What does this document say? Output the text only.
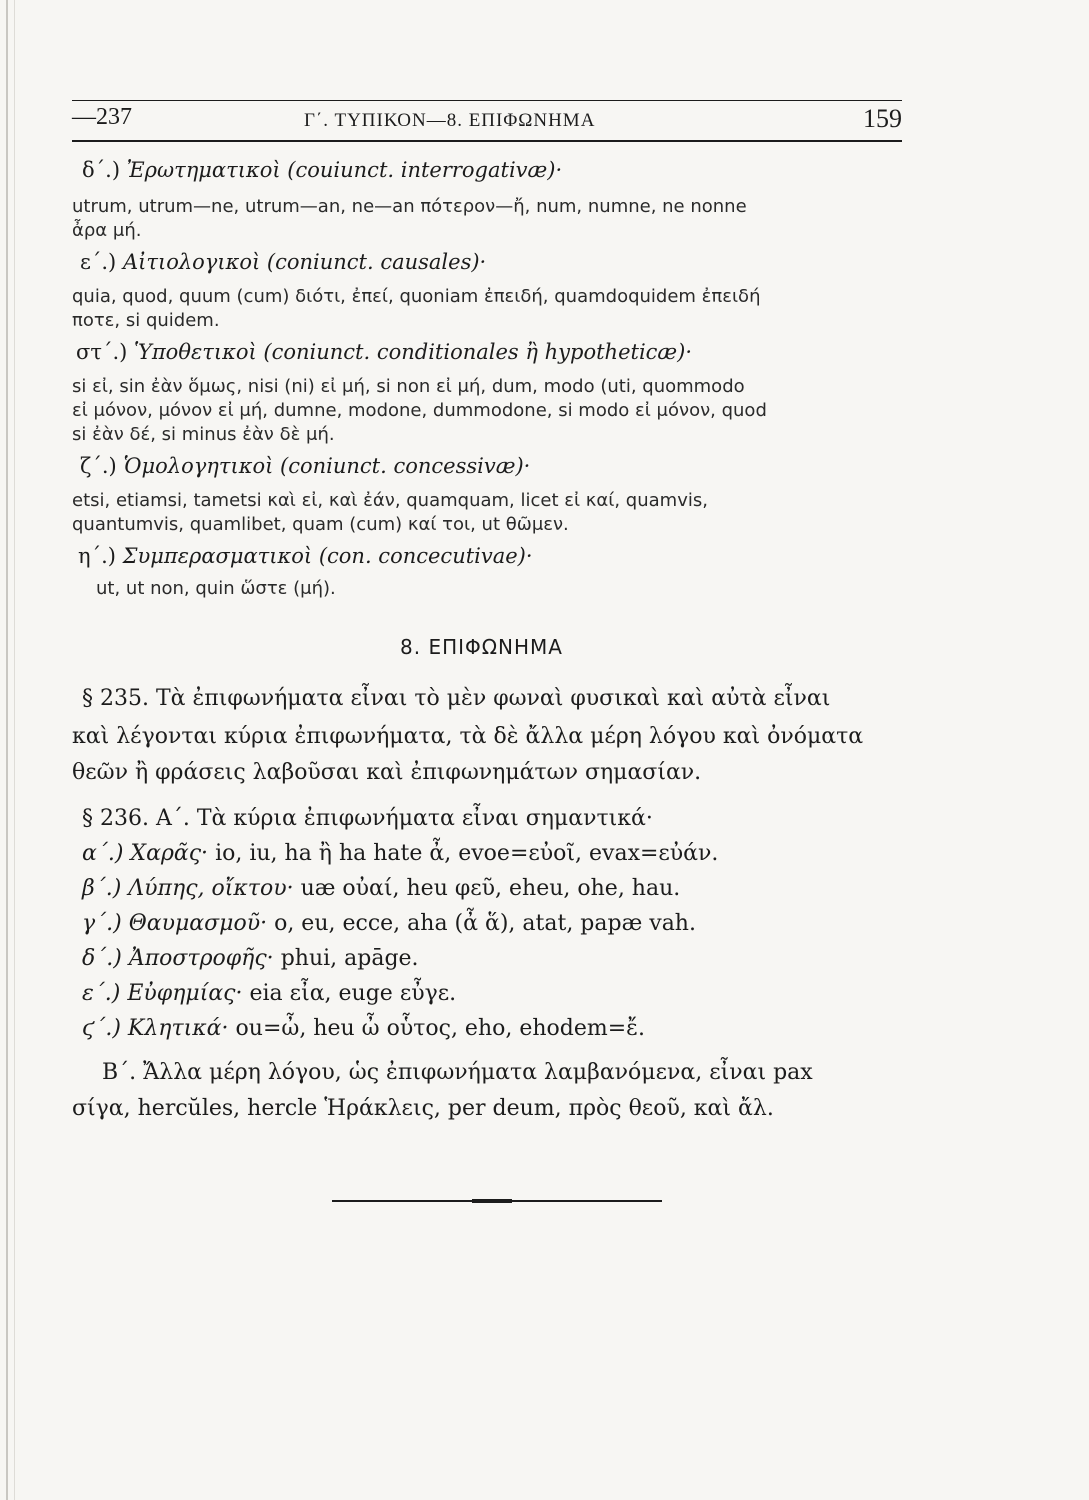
—237	Γ΄. ΤΥΠΙΚΟΝ—8. ΕΠΙΦΩΝΗΜΑ	159
δ΄.) Ἐρωτηματικοὶ (couiunct. interrogativæ)·
utrum, utrum—ne, utrum—an, ne—an πότερον—ἤ, num, numne, ne nonne
ἆρα μή.
ε΄.) Αἰτιολογικοὶ (coniunct. causales)·
quia, quod, quum (cum) διότι, ἐπεί, quoniam ἐπειδή, quamdoquidem ἐπειδή
ποτε, si quidem.
στ΄.) Ὑποθετικοὶ (coniunct. conditionales ἢ hypotheticæ)·
si εἰ, sin ἐὰν ὅμως, nisi (ni) εἰ μή, si non εἰ μή, dum, modo (uti, quommodo
εἰ μόνον, μόνον εἰ μή, dumne, modone, dummodone, si modo εἰ μόνον, quod
si ἐὰν δέ, si minus ἐὰν δὲ μή.
ζ΄.) Ὁμολογητικοὶ (coniunct. concessivæ)·
etsi, etiamsi, tametsi καὶ εἰ, καὶ ἐάν, quamquam, licet εἰ καί, quamvis,
quantumvis, quamlibet, quam (cum) καί τοι, ut θῶμεν.
η΄.) Συμπερασματικοὶ (con. concecutivae)·
ut, ut non, quin ὥστε (μή).
8. ΕΠΙΦΩΝΗΜΑ
§ 235. Τὰ ἐπιφωνήματα εἶναι τὸ μὲν φωναὶ φυσικαὶ καὶ αὐτὰ εἶναι
καὶ λέγονται κύρια ἐπιφωνήματα, τὰ δὲ ἄλλα μέρη λόγου καὶ ὀνόματα
θεῶν ἢ φράσεις λαβοῦσαι καὶ ἐπιφωνημάτων σημασίαν.
§ 236. Α΄. Τὰ κύρια ἐπιφωνήματα εἶναι σημαντικά·
α΄.) Χαρᾶς· io, iu, ha ἢ ha hate ἆ, evoe=εὐοῖ, evax=εὐάν.
β΄.) Λύπης, οἴκτου· uæ οὐαί, heu φεῦ, eheu, ohe, hau.
γ΄.) Θαυμασμοῦ· o, eu, ecce, aha (ἆ ἅ), atat, papæ vah.
δ΄.) Ἀποστροφῆς· phui, apāge.
ε΄.) Εὐφημίας· eia εἶα, euge εὖγε.
ϛ΄.) Κλητικά· ou=ὦ, heu ὦ οὗτος, eho, ehodem=ἔ.
Β΄. Ἄλλα μέρη λόγου, ὡς ἐπιφωνήματα λαμβανόμενα, εἶναι pax
σίγα, hercŭles, hercle Ἡράκλεις, per deum, πρὸς θεοῦ, καὶ ἄλ.
